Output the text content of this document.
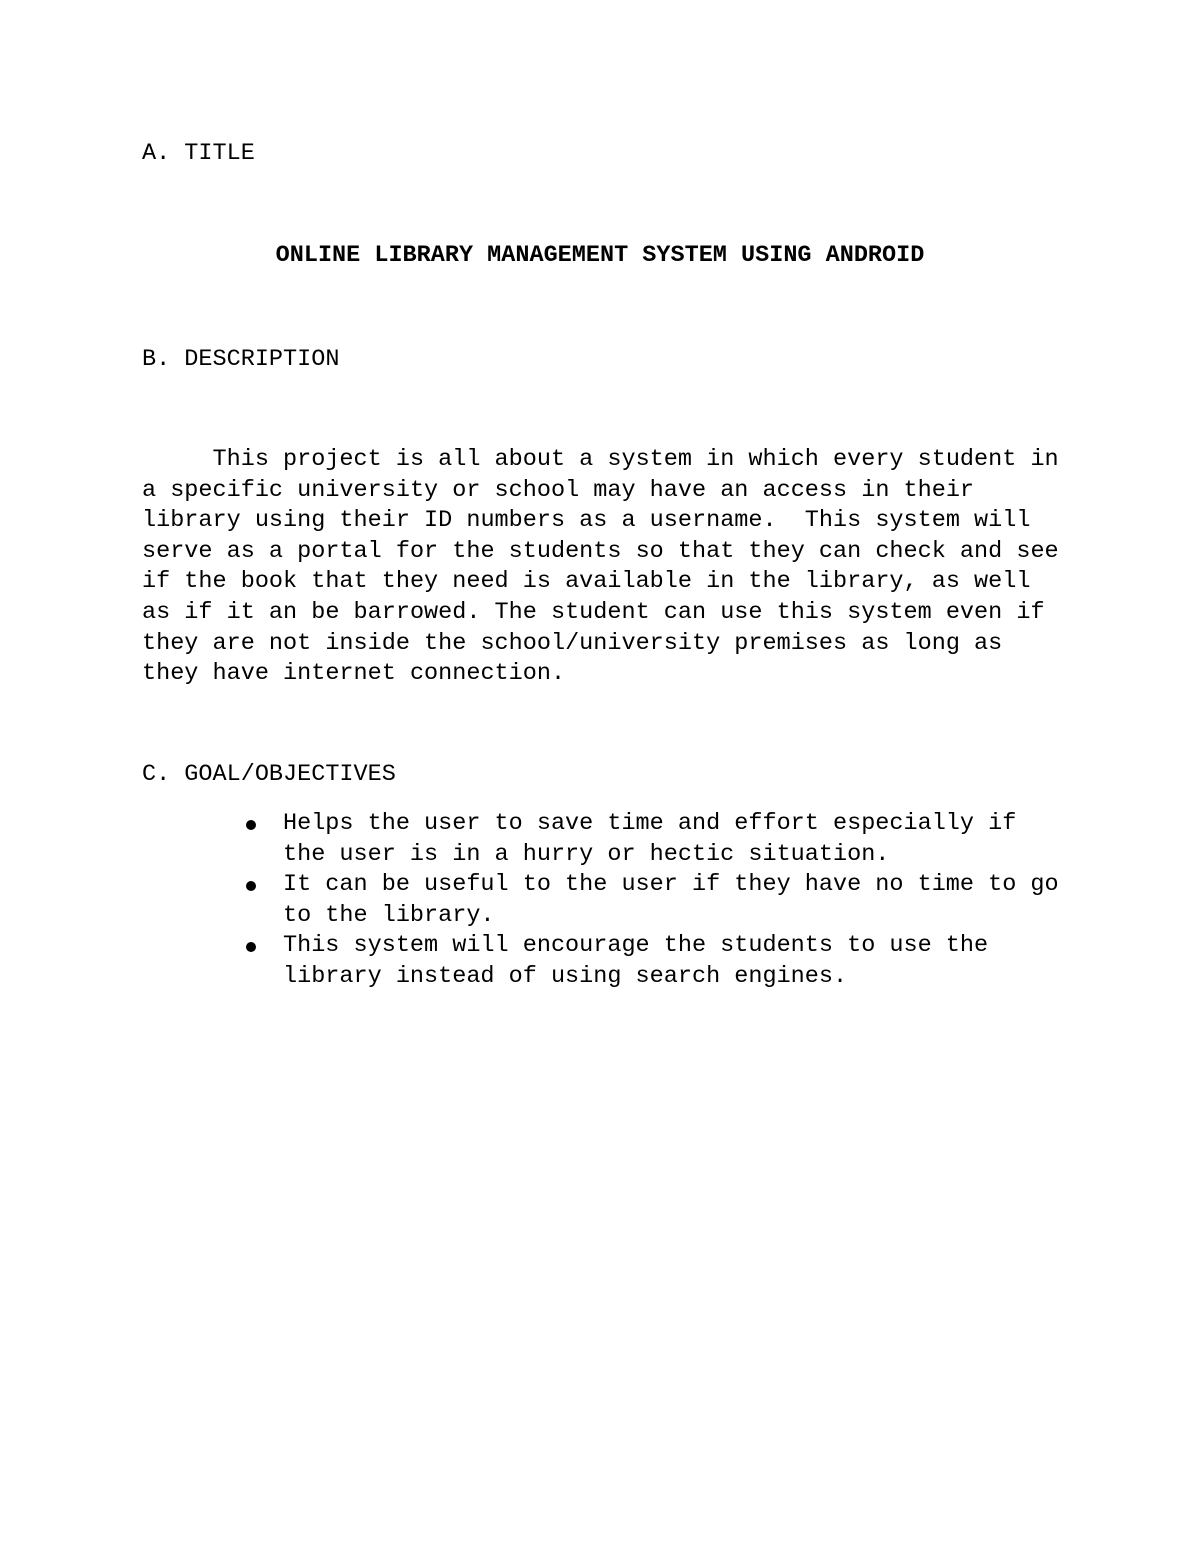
A. TITLE

ONLINE LIBRARY MANAGEMENT SYSTEM USING ANDROID

B. DESCRIPTION

This project is all about a system in which every student in
a specific university or school may have an access in their
library using their ID numbers as a username.  This system will
serve as a portal for the students so that they can check and see
if the book that they need is available in the library, as well
as if it an be barrowed. The student can use this system even if
they are not inside the school/university premises as long as
they have internet connection.

C. GOAL/OBJECTIVES

Helps the user to save time and effort especially if
the user is in a hurry or hectic situation.
It can be useful to the user if they have no time to go
to the library.
This system will encourage the students to use the
library instead of using search engines.
